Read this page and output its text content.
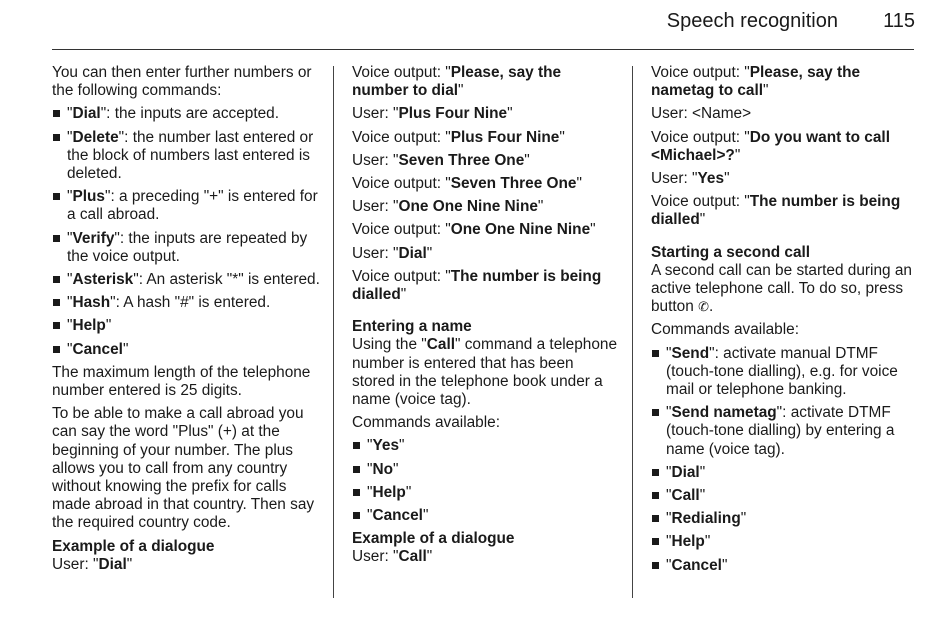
Speech recognition 115

You can then enter further numbers or the following commands:

"Dial": the inputs are accepted.
"Delete": the number last entered or the block of numbers last entered is deleted.
"Plus": a preceding "+" is entered for a call abroad.
"Verify": the inputs are repeated by the voice output.
"Asterisk": An asterisk "*" is entered.
"Hash": A hash "#" is entered.
"Help"
"Cancel"

The maximum length of the telephone number entered is 25 digits.

To be able to make a call abroad you can say the word "Plus" (+) at the beginning of your number. The plus allows you to call from any country without knowing the prefix for calls made abroad in that country. Then say the required country code.

Example of a dialogue

User: "Dial"

Voice output: "Please, say the number to dial"

User: "Plus Four Nine"

Voice output: "Plus Four Nine"

User: "Seven Three One"

Voice output: "Seven Three One"

User: "One One Nine Nine"

Voice output: "One One Nine Nine"

User: "Dial"

Voice output: "The number is being dialled"

Entering a name

Using the "Call" command a telephone number is entered that has been stored in the telephone book under a name (voice tag).

Commands available:

"Yes"
"No"
"Help"
"Cancel"
Example of a dialogue

User: "Call"

Voice output: "Please, say the nametag to call"

User: <Name>

Voice output: "Do you want to call <Michael>?"

User: "Yes"

Voice output: "The number is being dialled"

Starting a second call

A second call can be started during an active telephone call. To do so, press button ✆.

Commands available:

"Send": activate manual DTMF (touch-tone dialling), e.g. for voice mail or telephone banking.
"Send nametag": activate DTMF (touch-tone dialling) by entering a name (voice tag).
"Dial"
"Call"
"Redialing"
"Help"
"Cancel"
